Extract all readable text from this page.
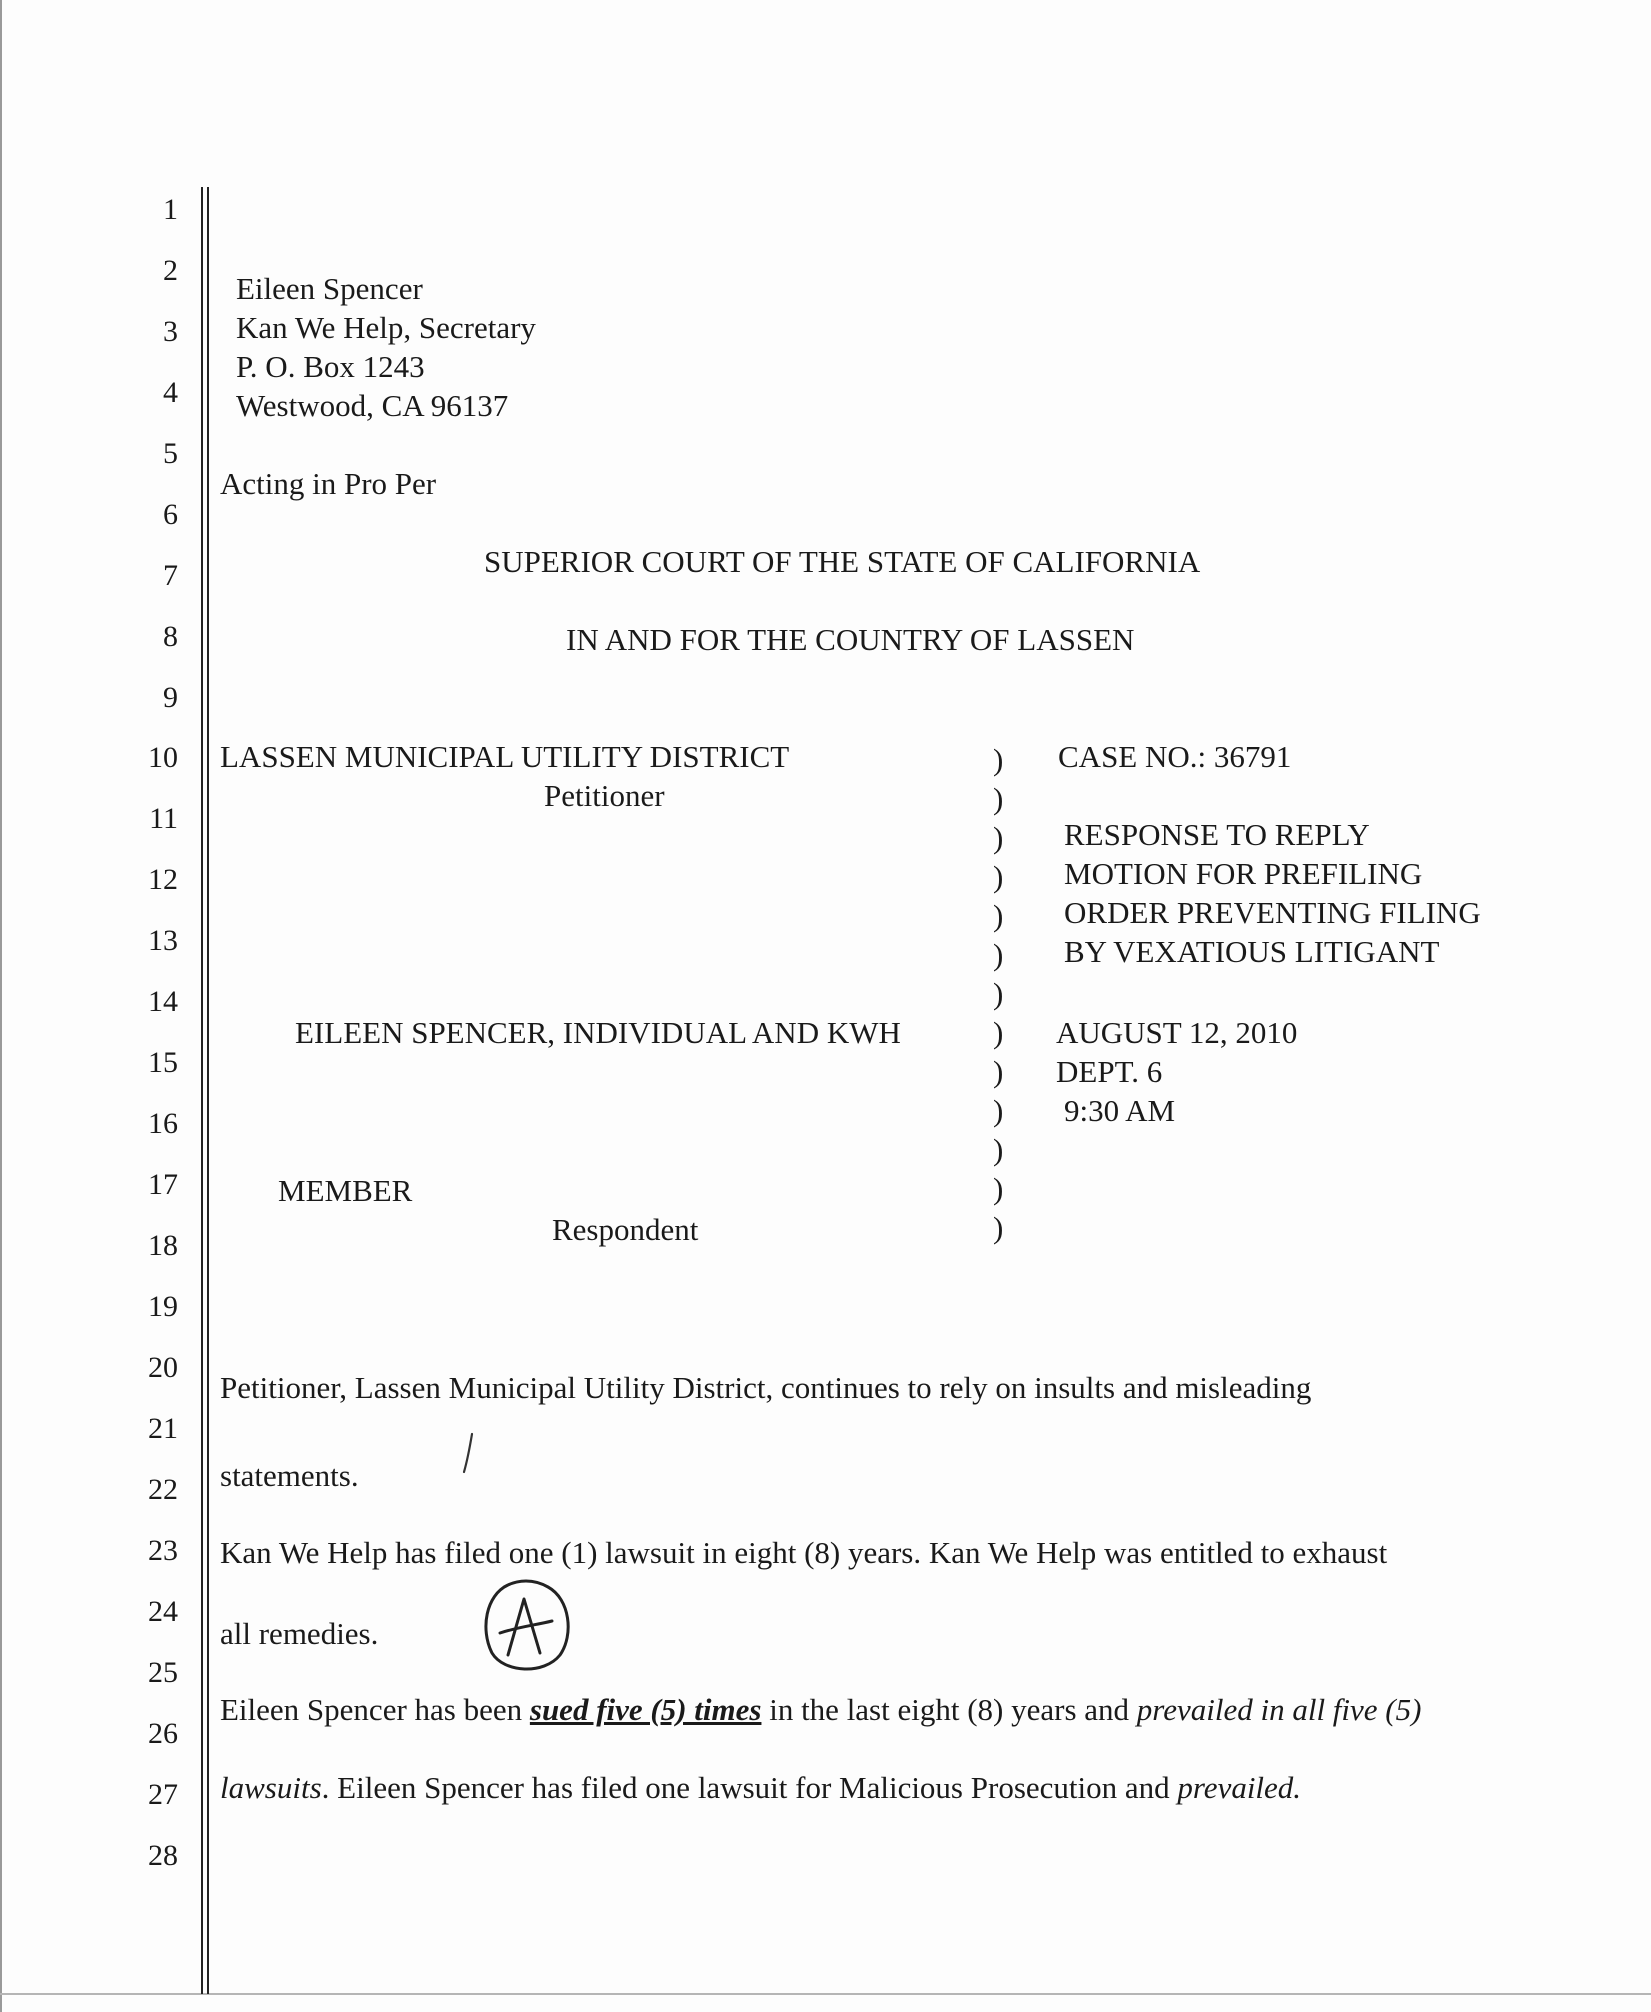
1
2
3
4
5
6
7
8
9
10
11
12
13
14
15
16
17
18
19
20
21
22
23
24
25
26
27
28
Eileen Spencer
Kan We Help, Secretary
P. O. Box 1243
Westwood, CA 96137
Acting in Pro Per
SUPERIOR COURT OF THE STATE OF CALIFORNIA
IN AND FOR THE COUNTRY OF LASSEN
LASSEN MUNICIPAL UTILITY DISTRICT
Petitioner
EILEEN SPENCER, INDIVIDUAL AND KWH
MEMBER
Respondent
)
)
)
)
)
)
)
)
)
)
)
)
)
CASE NO.: 36791
RESPONSE TO REPLY
MOTION FOR PREFILING
ORDER PREVENTING FILING
BY VEXATIOUS LITIGANT
AUGUST 12, 2010
DEPT. 6
9:30 AM
Petitioner, Lassen Municipal Utility District, continues to rely on insults and misleading
statements.
Kan We Help has filed one (1) lawsuit in eight (8) years. Kan We Help was entitled to exhaust
all remedies.
Eileen Spencer has been sued five (5) times in the last eight (8) years and prevailed in all five (5)
lawsuits. Eileen Spencer has filed one lawsuit for Malicious Prosecution and prevailed.
